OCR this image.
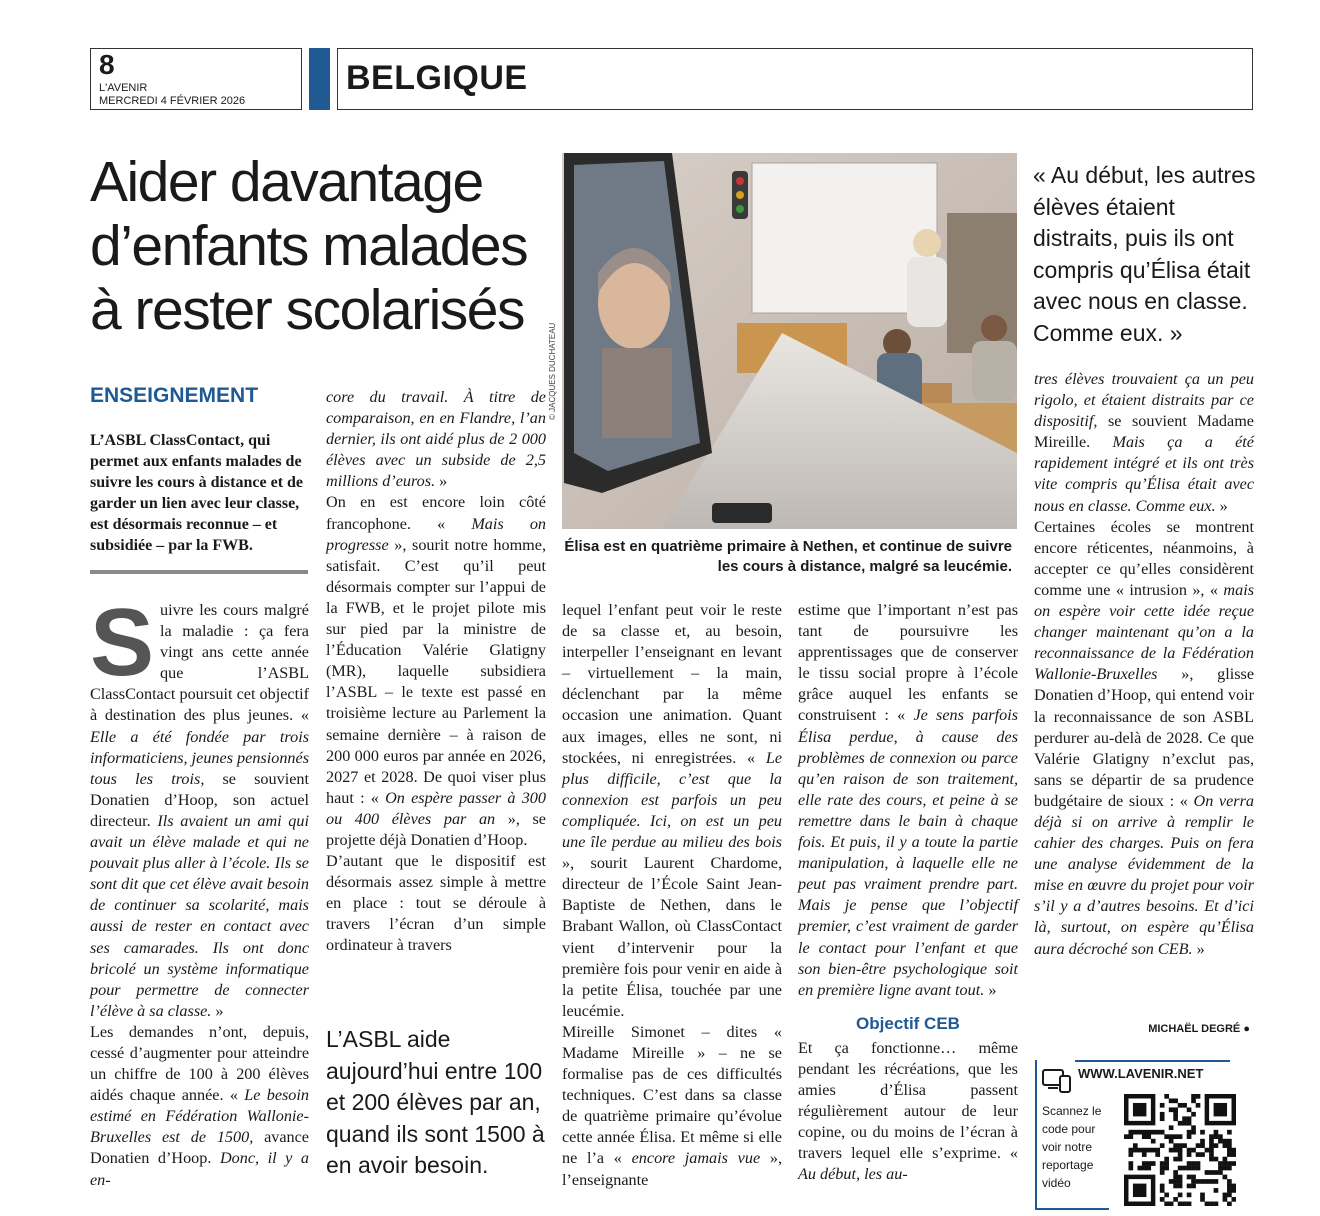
8
L'AVENIR
MERCREDI 4 FÉVRIER 2026
BELGIQUE
Aider davantage
d’enfants malades
à rester scolarisés
ENSEIGNEMENT
L’ASBL ClassContact, qui permet aux enfants malades de suivre les cours à distance et de garder un lien avec leur classe, est désormais reconnue – et subsidiée – par la FWB.

Suivre les cours malgré la maladie : ça fera vingt ans cette année que l’ASBL ClassContact poursuit cet objectif à destination des plus jeunes. « Elle a été fondée par trois informaticiens, jeunes pensionnés tous les trois, se souvient Donatien d’Hoop, son actuel directeur. Ils avaient un ami qui avait un élève malade et qui ne pouvait plus aller à l’école. Ils se sont dit que cet élève avait besoin de continuer sa scolarité, mais aussi de rester en contact avec ses camarades. Ils ont donc bricolé un système informatique pour permettre de connecter l’élève à sa classe. »

Les demandes n’ont, depuis, cessé d’augmenter pour atteindre un chiffre de 100 à 200 élèves aidés chaque année. « Le besoin estimé en Fédération Wallonie-Bruxelles est de 1500, avance Donatien d’Hoop. Donc, il y a en-

core du travail. À titre de comparaison, en en Flandre, l’an dernier, ils ont aidé plus de 2 000 élèves avec un subside de 2,5 millions d’euros. »

On en est encore loin côté francophone. « Mais on progresse », sourit notre homme, satisfait. C’est qu’il peut désormais compter sur l’appui de la FWB, et le projet pilote mis sur pied par la ministre de l’Éducation Valérie Glatigny (MR), laquelle subsidiera l’ASBL – le texte est passé en troisième lecture au Parlement la semaine dernière – à raison de 200 000 euros par année en 2026, 2027 et 2028. De quoi viser plus haut : « On espère passer à 300 ou 400 élèves par an », se projette déjà Donatien d’Hoop.

D’autant que le dispositif est désormais assez simple à mettre en place : tout se déroule à travers l’écran d’un simple ordinateur à travers

L’ASBL aide aujourd’hui entre 100 et 200 élèves par an, quand ils sont 1500 à en avoir besoin.
© JACQUES DUCHATEAU
Élisa est en quatrième primaire à Nethen, et continue de suivre les cours à distance, malgré sa leucémie.

lequel l’enfant peut voir le reste de sa classe et, au besoin, interpeller l’enseignant en levant – virtuellement – la main, déclenchant par la même occasion une animation. Quant aux images, elles ne sont, ni stockées, ni enregistrées. « Le plus difficile, c’est que la connexion est parfois un peu compliquée. Ici, on est un peu une île perdue au milieu des bois », sourit Laurent Chardome, directeur de l’École Saint Jean-Baptiste de Nethen, dans le Brabant Wallon, où ClassContact vient d’intervenir pour la première fois pour venir en aide à la petite Élisa, touchée par une leucémie.

Mireille Simonet – dites « Madame Mireille » – ne se formalise pas de ces difficultés techniques. C’est dans sa classe de quatrième primaire qu’évolue cette année Élisa. Et même si elle ne l’a « encore jamais vue », l’enseignante

estime que l’important n’est pas tant de poursuivre les apprentissages que de conserver le tissu social propre à l’école grâce auquel les enfants se construisent : « Je sens parfois Élisa perdue, à cause des problèmes de connexion ou parce qu’en raison de son traitement, elle rate des cours, et peine à se remettre dans le bain à chaque fois. Et puis, il y a toute la partie manipulation, à laquelle elle ne peut pas vraiment prendre part. Mais je pense que l’objectif premier, c’est vraiment de garder le contact pour l’enfant et que son bien-être psychologique soit en première ligne avant tout. »

Objectif CEB

Et ça fonctionne… même pendant les récréations, que les amies d’Élisa passent régulièrement autour de leur copine, ou du moins de l’écran à travers lequel elle s’exprime. « Au début, les au-

« Au début, les autres élèves étaient distraits, puis ils ont compris qu’Élisa était avec nous en classe. Comme eux. »

tres élèves trouvaient ça un peu rigolo, et étaient distraits par ce dispositif, se souvient Madame Mireille. Mais ça a été rapidement intégré et ils ont très vite compris qu’Élisa était avec nous en classe. Comme eux. »

Certaines écoles se montrent encore réticentes, néanmoins, à accepter ce qu’elles considèrent comme une « intrusion », « mais on espère voir cette idée reçue changer maintenant qu’on a la reconnaissance de la Fédération Wallonie-Bruxelles », glisse Donatien d’Hoop, qui entend voir la reconnaissance de son ASBL perdurer au-delà de 2028. Ce que Valérie Glatigny n’exclut pas, sans se départir de sa prudence budgétaire de sioux : « On verra déjà si on arrive à remplir le cahier des charges. Puis on fera une analyse évidemment de la mise en œuvre du projet pour voir s’il y a d’autres besoins. Et d’ici là, surtout, on espère qu’Élisa aura décroché son CEB. »

MICHAËL DEGRÉ ●
WWW.LAVENIR.NET
Scannez le code pour voir notre reportage vidéo
